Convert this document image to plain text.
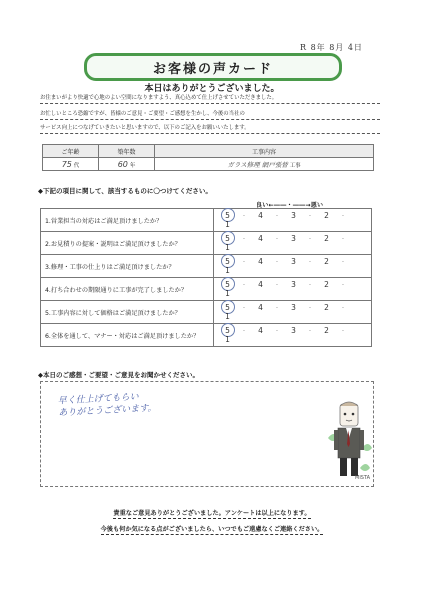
R 8年 8月 4日
お客様の声カード
本日はありがとうございました。
お住まいがより快適で心地のよい空間になりますよう、真心込めて仕上げさせていただきました。
お忙しいところ恐縮ですが、皆様のご意見・ご要望・ご感想を生かし、今後の当社の
サービス向上につなげていきたいと思いますので、以下のご記入をお願いいたします。
ご年齢	築年数	工事内容
75 代	60 年	ガラス修理 網戸張替 工事
◆下記の項目に関して、該当するものに〇つけてください。
良い←――・――→悪い
1.営業担当の対応はご満足頂けましたか？	5 · 4 · 3 · 2 ·1
2.お見積りの提案・説明はご満足頂けましたか？	5 · 4 · 3 · 2 ·1
3.修理・工事の仕上りはご満足頂けましたか？	5 · 4 · 3 · 2 ·1
4.打ち合わせの期限通りに工事が完了しましたか？	5 · 4 · 3 · 2 ·1
5.工事内容に対して価格はご満足頂けましたか？	5 · 4 · 3 · 2 ·1
6.全体を通して、マナー・対応はご満足頂けましたか？	5 · 4 · 3 · 2 ·1
◆本日のご感想・ご要望・ご意見をお聞かせください。
早く仕上げてもらい
ありがとうございます。
MISTA
貴重なご意見ありがとうございました。アンケートは以上になります。
今後も何か気になる点がございましたら、いつでもご遠慮なくご連絡ください。
